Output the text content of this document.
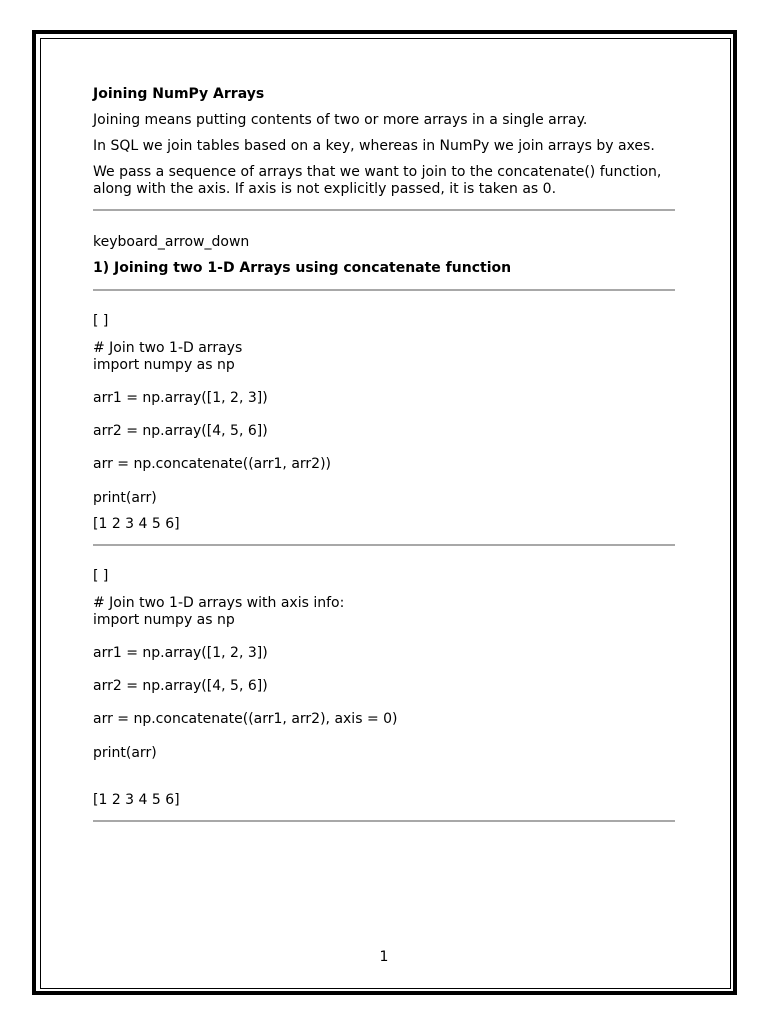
Joining NumPy Arrays
Joining means putting contents of two or more arrays in a single array.
In SQL we join tables based on a key, whereas in NumPy we join arrays by axes.
We pass a sequence of arrays that we want to join to the concatenate() function, along with the axis. If axis is not explicitly passed, it is taken as 0.
keyboard_arrow_down
1) Joining two 1-D Arrays using concatenate function
[ ]
# Join two 1-D arrays
import numpy as np
arr1 = np.array([1, 2, 3])
arr2 = np.array([4, 5, 6])
arr = np.concatenate((arr1, arr2))
print(arr)
[1 2 3 4 5 6]
[ ]
# Join two 1-D arrays with axis info:
import numpy as np
arr1 = np.array([1, 2, 3])
arr2 = np.array([4, 5, 6])
arr = np.concatenate((arr1, arr2), axis = 0)
print(arr)
[1 2 3 4 5 6]
1
